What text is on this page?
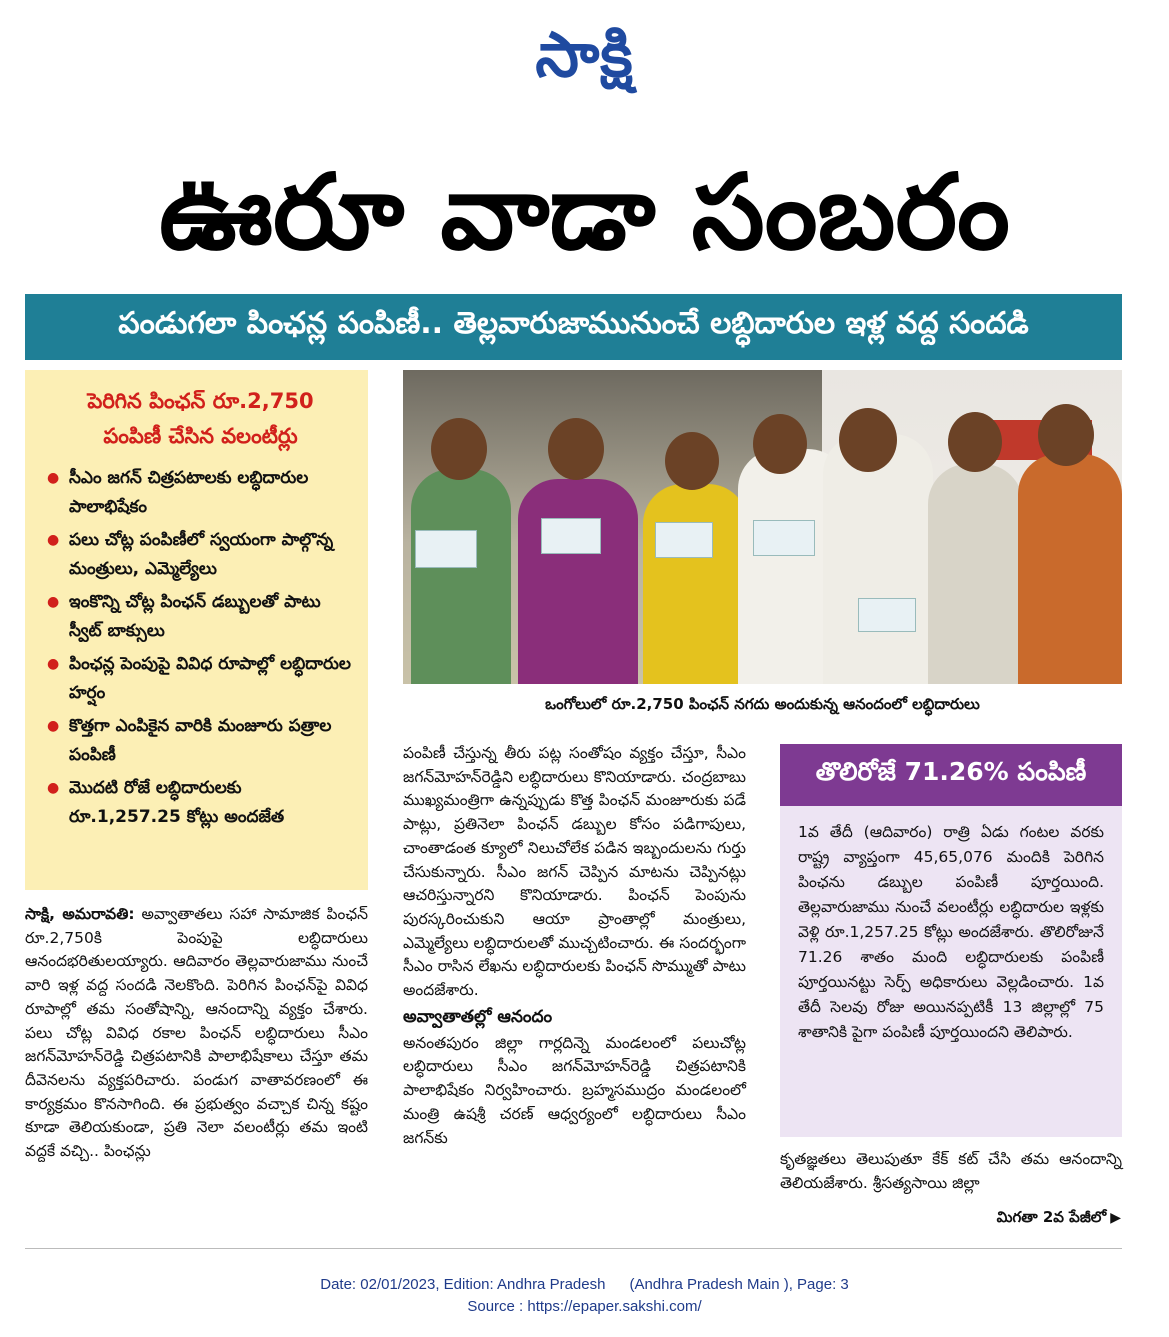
సాక్షి
ఊరూ వాడా సంబరం
పండుగలా పింఛన్ల పంపిణీ.. తెల్లవారుజామునుంచే లబ్ధిదారుల ఇళ్ల వద్ద సందడి
పెరిగిన పింఛన్ రూ.2,750
పంపిణీ చేసిన వలంటీర్లు
● సీఎం జగన్ చిత్రపటాలకు లబ్ధిదారుల పాలాభిషేకం
● పలు చోట్ల పంపిణీలో స్వయంగా పాల్గొన్న మంత్రులు, ఎమ్మెల్యేలు
● ఇంకొన్ని చోట్ల పింఛన్ డబ్బులతో పాటు స్వీట్ బాక్సులు
● పింఛన్ల పెంపుపై వివిధ రూపాల్లో లబ్ధిదారుల హర్షం
● కొత్తగా ఎంపికైన వారికి మంజూరు పత్రాల పంపిణీ
● మొదటి రోజే లబ్ధిదారులకు రూ.1,257.25 కోట్లు అందజేత
ఒంగోలులో రూ.2,750 పింఛన్ నగదు అందుకున్న ఆనందంలో లబ్ధిదారులు

సాక్షి, అమరావతి: అవ్వాతాతలు సహా సామాజిక పింఛన్ రూ.2,750కి పెంపుపై లబ్ధిదారులు ఆనందభరితులయ్యారు. ఆదివారం తెల్లవారుజాము నుంచే వారి ఇళ్ల వద్ద సందడి నెలకొంది. పెరిగిన పింఛన్‌పై వివిధ రూపాల్లో తమ సంతోషాన్ని, ఆనందాన్ని వ్యక్తం చేశారు. పలు చోట్ల వివిధ రకాల పింఛన్ లబ్ధిదారులు సీఎం జగన్‌మోహన్‌రెడ్డి చిత్రపటానికి పాలాభిషేకాలు చేస్తూ తమ దీవెనలను వ్యక్తపరిచారు. పండుగ వాతావరణంలో ఈ కార్యక్రమం కొనసాగింది. ఈ ప్రభుత్వం వచ్చాక చిన్న కష్టం కూడా తెలియకుండా, ప్రతి నెలా వలంటీర్లు తమ ఇంటి వద్దకే వచ్చి.. పింఛన్లు

పంపిణీ చేస్తున్న తీరు పట్ల సంతోషం వ్యక్తం చేస్తూ, సీఎం జగన్‌మోహన్‌రెడ్డిని లబ్ధిదారులు కొనియాడారు. చంద్రబాబు ముఖ్యమంత్రిగా ఉన్నప్పుడు కొత్త పింఛన్ మంజూరుకు పడే పాట్లు, ప్రతినెలా పింఛన్ డబ్బుల కోసం పడిగాపులు, చాంతాడంత క్యూలో నిలుచోలేక పడిన ఇబ్బందులను గుర్తు చేసుకున్నారు. సీఎం జగన్ చెప్పిన మాటను చెప్పినట్లు ఆచరిస్తున్నారని కొనియాడారు. పింఛన్ పెంపును పురస్కరించుకుని ఆయా ప్రాంతాల్లో మంత్రులు, ఎమ్మెల్యేలు లబ్ధిదారులతో ముచ్చటించారు. ఈ సందర్భంగా సీఎం రాసిన లేఖను లబ్ధిదారులకు పింఛన్ సొమ్ముతో పాటు అందజేశారు.

అవ్వాతాతల్లో ఆనందం

అనంతపురం జిల్లా గార్లదిన్నె మండలంలో పలుచోట్ల లబ్ధిదారులు సీఎం జగన్‌మోహన్‌రెడ్డి చిత్రపటానికి పాలాభిషేకం నిర్వహించారు. బ్రహ్మసముద్రం మండలంలో మంత్రి ఉషశ్రీ చరణ్ ఆధ్వర్యంలో లబ్ధిదారులు సీఎం జగన్‌కు

తొలిరోజే 71.26% పంపిణీ
1వ తేదీ (ఆదివారం) రాత్రి ఏడు గంటల వరకు రాష్ట్ర వ్యాప్తంగా 45,65,076 మందికి పెరిగిన పింఛను డబ్బుల పంపిణీ పూర్తయింది. తెల్లవారుజాము నుంచే వలంటీర్లు లబ్ధిదారుల ఇళ్లకు వెళ్లి రూ.1,257.25 కోట్లు అందజేశారు. తొలిరోజునే 71.26 శాతం మంది లబ్ధిదారులకు పంపిణీ పూర్తయినట్టు సెర్ప్ అధికారులు వెల్లడించారు. 1వ తేదీ సెలవు రోజు అయినప్పటికీ 13 జిల్లాల్లో 75 శాతానికి పైగా పంపిణీ పూర్తయిందని తెలిపారు.

కృతజ్ఞతలు తెలుపుతూ కేక్ కట్ చేసి తమ ఆనందాన్ని తెలియజేశారు. శ్రీసత్యసాయి జిల్లా

మిగతా 2వ పేజీలో ▶
Date: 02/01/2023, Edition: Andhra Pradesh (Andhra Pradesh Main ), Page: 3
Source : https://epaper.sakshi.com/
